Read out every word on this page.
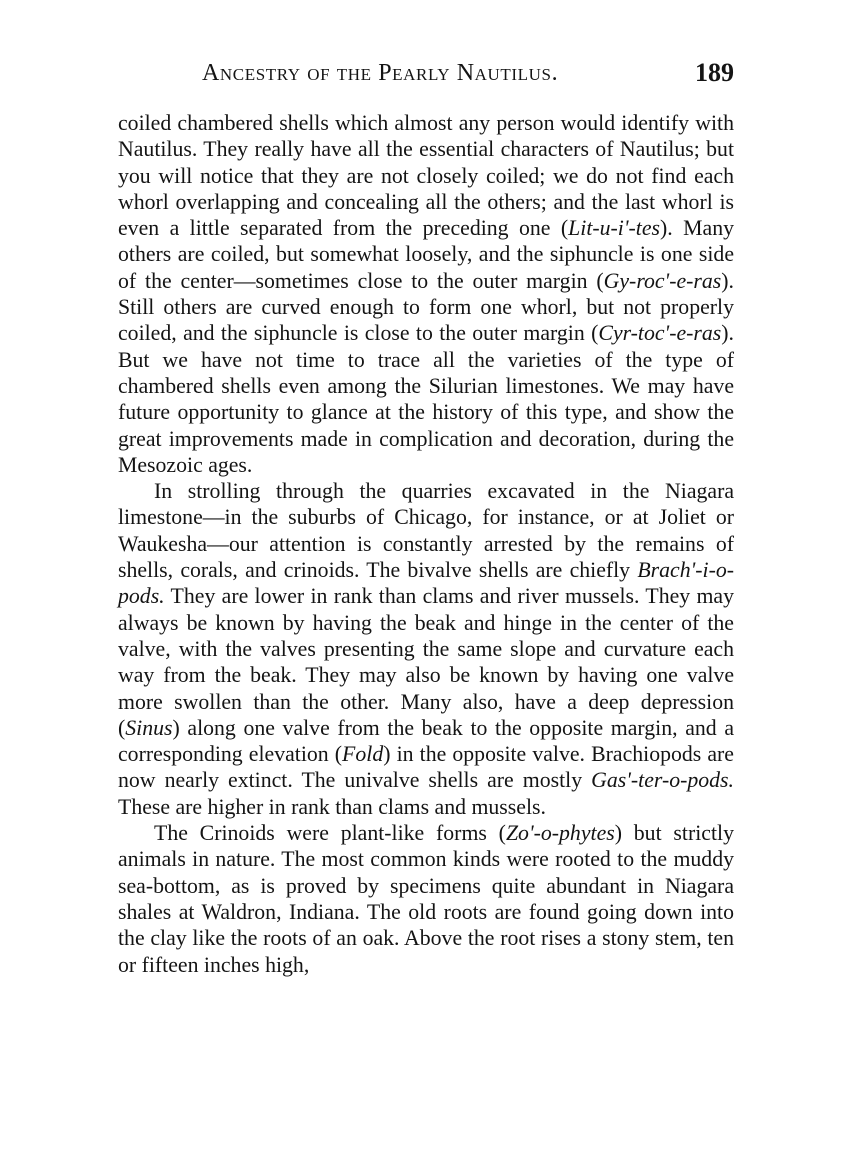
Ancestry of the Pearly Nautilus.	189

coiled chambered shells which almost any person would identify with Nautilus. They really have all the essential characters of Nautilus; but you will notice that they are not closely coiled; we do not find each whorl overlapping and concealing all the others; and the last whorl is even a little separated from the preceding one (Lit-u-i'-tes). Many others are coiled, but somewhat loosely, and the siphuncle is one side of the center—sometimes close to the outer margin (Gy-roc'-e-ras). Still others are curved enough to form one whorl, but not properly coiled, and the siphuncle is close to the outer margin (Cyr-toc'-e-ras). But we have not time to trace all the varieties of the type of chambered shells even among the Silurian limestones. We may have future opportunity to glance at the history of this type, and show the great improvements made in complication and decoration, during the Mesozoic ages.

In strolling through the quarries excavated in the Niagara limestone—in the suburbs of Chicago, for instance, or at Joliet or Waukesha—our attention is constantly arrested by the remains of shells, corals, and crinoids. The bivalve shells are chiefly Brach'-i-o-pods. They are lower in rank than clams and river mussels. They may always be known by having the beak and hinge in the center of the valve, with the valves presenting the same slope and curvature each way from the beak. They may also be known by having one valve more swollen than the other. Many also, have a deep depression (Sinus) along one valve from the beak to the opposite margin, and a corresponding elevation (Fold) in the opposite valve. Brachiopods are now nearly extinct. The univalve shells are mostly Gas'-ter-o-pods. These are higher in rank than clams and mussels.

The Crinoids were plant-like forms (Zo'-o-phytes) but strictly animals in nature. The most common kinds were rooted to the muddy sea-bottom, as is proved by specimens quite abundant in Niagara shales at Waldron, Indiana. The old roots are found going down into the clay like the roots of an oak. Above the root rises a stony stem, ten or fifteen inches high,
